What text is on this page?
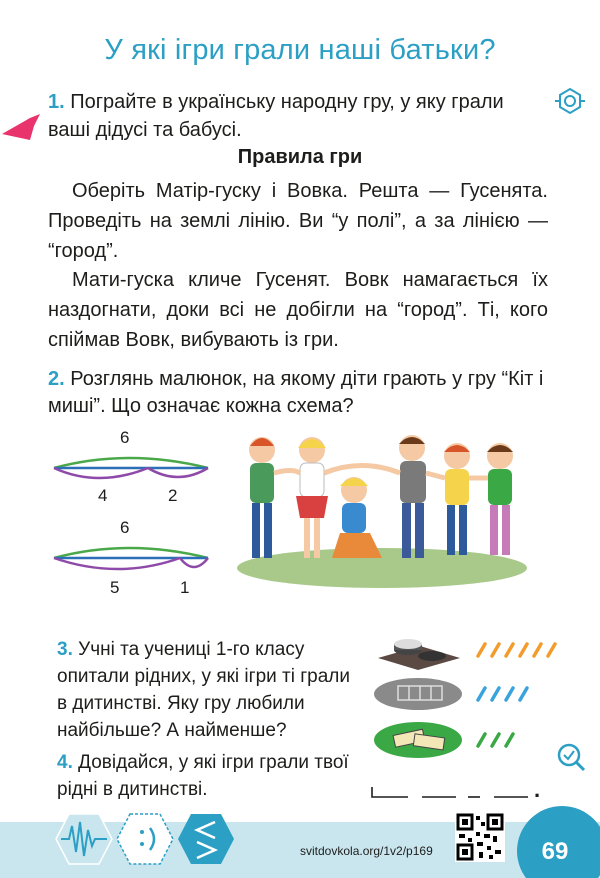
У які ігри грали наші батьки?
1. Пограйте в українську народну гру, у яку грали
ваші дідусі та бабусі.
Правила гри
Оберіть Матір-гуску і Вовка. Решта — Гусенята. Проведіть на землі лінію. Ви “у полі”, а за лінією — “город”.
Мати-гуска кличе Гусенят. Вовк намагається їх наздогнати, доки всі не добігли на “город”. Ті, кого спіймав Вовк, вибувають із гри.
2. Розглянь малюнок, на якому діти грають у гру “Кіт і миші”. Що означає кожна схема?
6
4	2
6
5	1
3. Учні та учениці 1-го класу опитали рідних, у які ігри ті грали в дитинстві. Яку гру любили найбільше? А найменше?
4. Довідайся, у які ігри грали твої рідні в дитинстві.	.
svitdovkola.org/1v2/p169	69
